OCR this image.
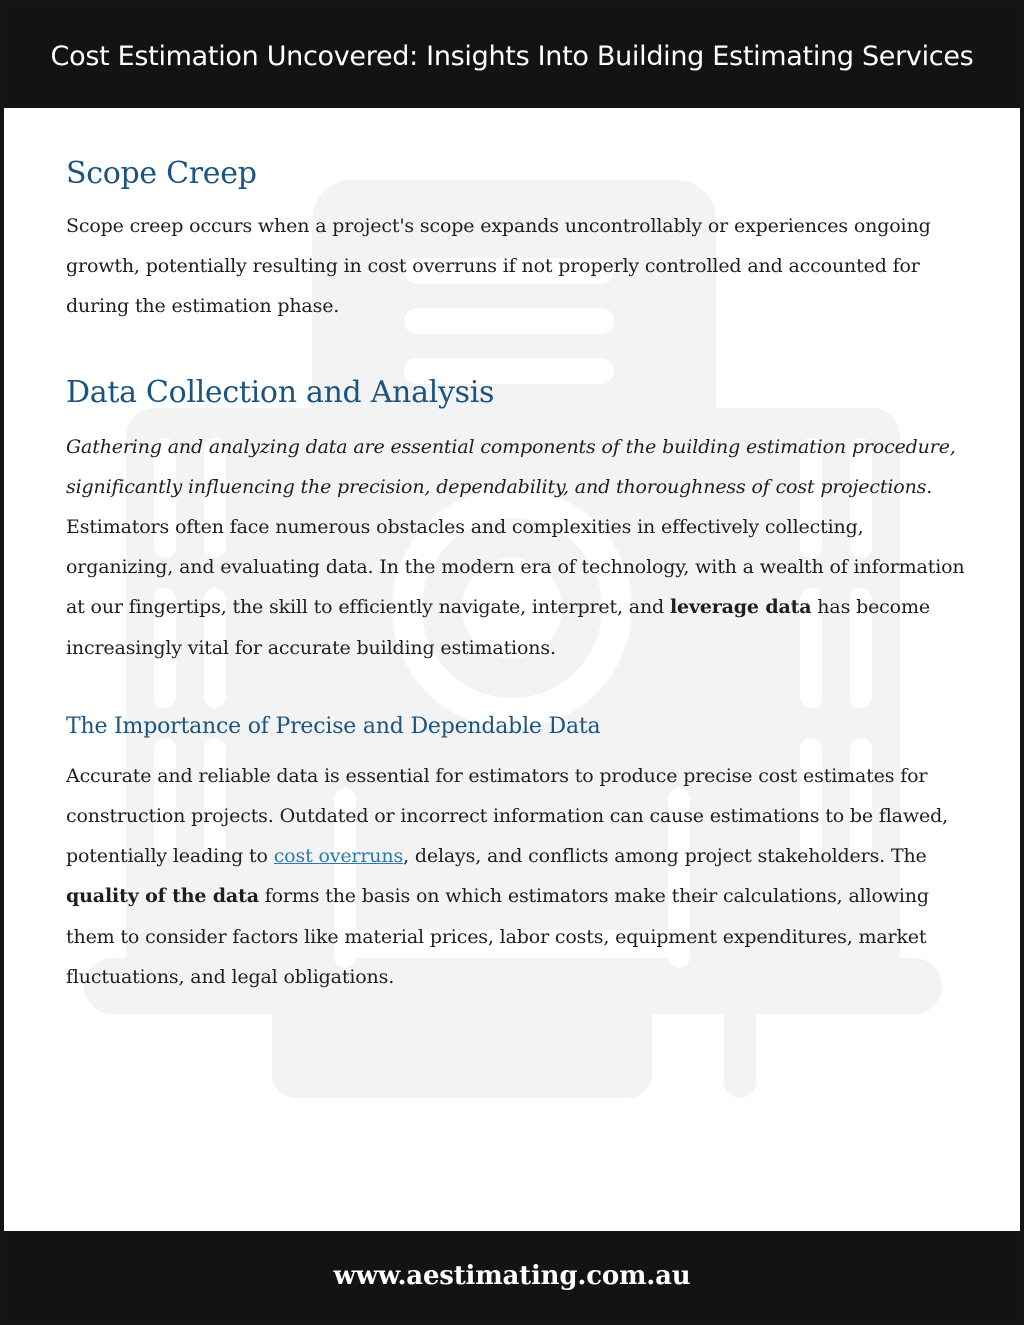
Cost Estimation Uncovered: Insights Into Building Estimating Services
Scope Creep

Scope creep occurs when a project's scope expands uncontrollably or experiences ongoing growth, potentially resulting in cost overruns if not properly controlled and accounted for during the estimation phase.

Data Collection and Analysis

Gathering and analyzing data are essential components of the building estimation procedure, significantly influencing the precision, dependability, and thoroughness of cost projections. Estimators often face numerous obstacles and complexities in effectively collecting, organizing, and evaluating data. In the modern era of technology, with a wealth of information at our fingertips, the skill to efficiently navigate, interpret, and leverage data has become increasingly vital for accurate building estimations.

The Importance of Precise and Dependable Data

Accurate and reliable data is essential for estimators to produce precise cost estimates for construction projects. Outdated or incorrect information can cause estimations to be flawed, potentially leading to cost overruns, delays, and conflicts among project stakeholders. The quality of the data forms the basis on which estimators make their calculations, allowing them to consider factors like material prices, labor costs, equipment expenditures, market fluctuations, and legal obligations.

www.aestimating.com.au
